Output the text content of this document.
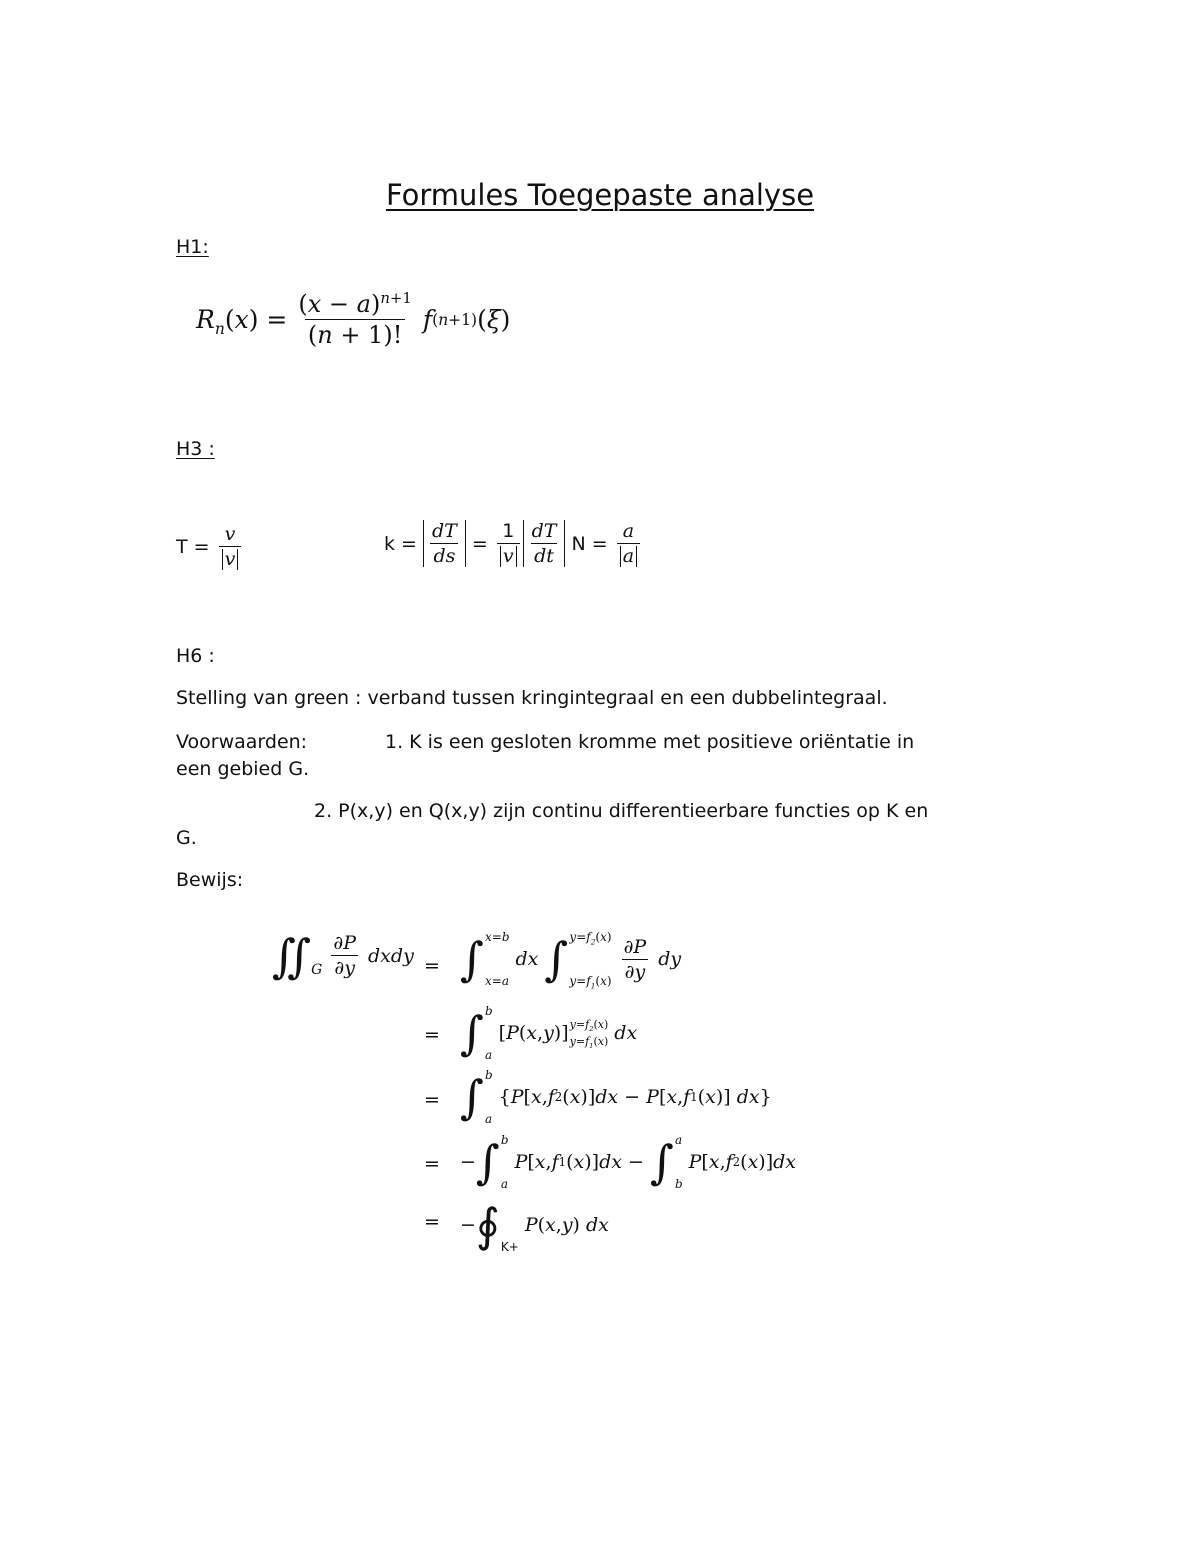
Formules Toegepaste analyse
H1:
$R_n$ ( x ) = $\frac{(x - a)^{n+1}}{(n + 1)!}$ f (n+1) ( ξ )
H3 :
T =
$\frac{v}{v}$	k =
$\frac{dT}{ds}$
=
$\frac{1}{v} \frac{dT}{dt}$
N =
$\frac{a}{a}$
H6 :
Stelling van green : verband tussen kringintegraal en een dubbelintegraal.
Voorwaarden:	1. K is een gesloten kromme met positieve oriëntatie in
een gebied G.
2. P(x,y) en Q(x,y) zijn continu differentieerbare functies op K en
G.
Bewijs:
∬ G $\frac{\partial P}{\partial y}$ dxdy = ∫ x=b
x=a
dx ∫ $y=f_2(x)$
$y=f_1(x) \frac{\partial P}{\partial y}$ dy
= ∫ b
a
[ P ( x , y )] $y=f_2(x)$
$y=f_1(x)$ dx
= ∫ b
a
{ P [ x , f 2 ( x )] dx − P [ x , f 1 ( x )] dx }
= − ∫ b
a
P [ x , f 1 ( x )] dx − ∫ a
b
P [ x , f 2 ( x )] dx
= − ∮ K+
P ( x , y ) dx
